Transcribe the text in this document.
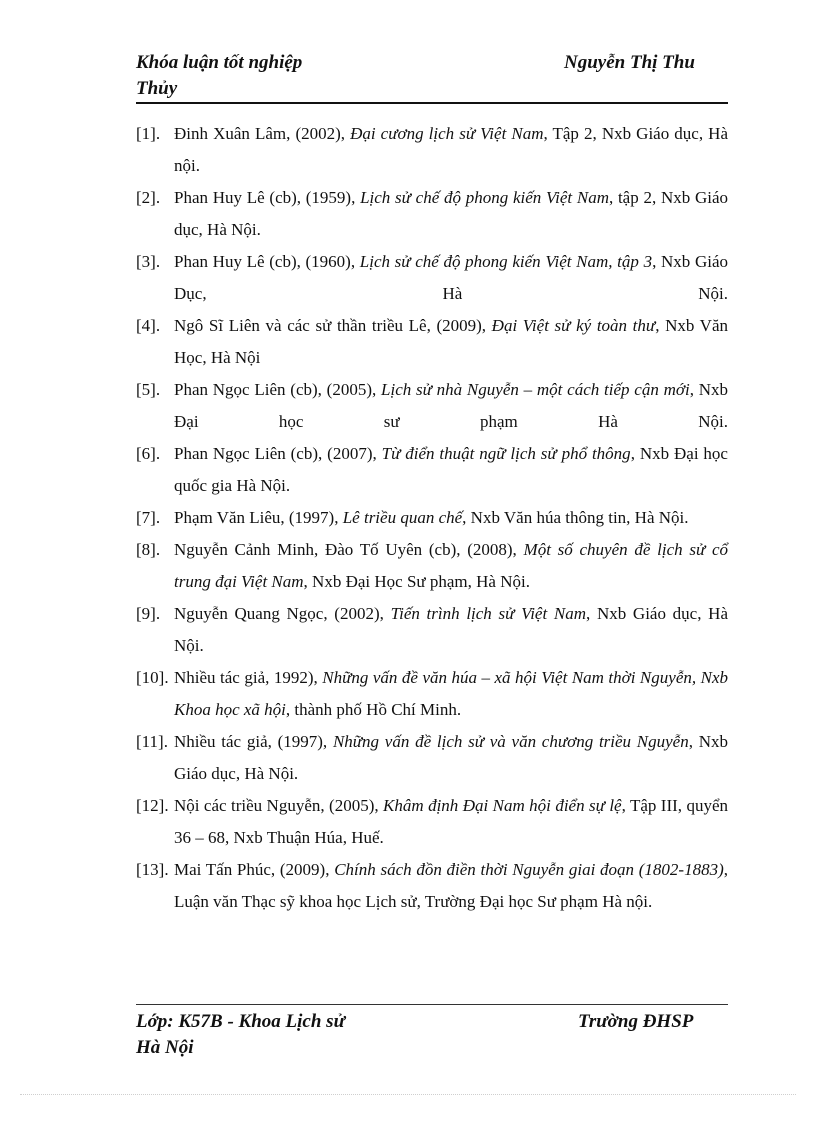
Khóa luận tốt nghiệp
Thủy
Nguyễn Thị Thu
[1]. Đinh Xuân Lâm, (2002), Đại cương lịch sử Việt Nam, Tập 2, Nxb Giáo dục, Hà nội.
[2]. Phan Huy Lê (cb), (1959), Lịch sử chế độ phong kiến Việt Nam, tập 2, Nxb Giáo dục, Hà Nội.
[3]. Phan Huy Lê (cb), (1960), Lịch sử chế độ phong kiến Việt Nam, tập 3, Nxb Giáo Dục, Hà Nội.
[4]. Ngô Sĩ Liên và các sử thần triều Lê, (2009), Đại Việt sử ký toàn thư, Nxb Văn Học, Hà Nội
[5]. Phan Ngọc Liên (cb), (2005), Lịch sử nhà Nguyễn – một cách tiếp cận mới, Nxb Đại học sư phạm Hà Nội.
[6]. Phan Ngọc Liên (cb), (2007), Từ điển thuật ngữ lịch sử phổ thông, Nxb Đại học quốc gia Hà Nội.
[7]. Phạm Văn Liêu, (1997), Lê triều quan chế, Nxb Văn húa thông tin, Hà Nội.
[8]. Nguyễn Cảnh Minh, Đào Tố Uyên (cb), (2008), Một số chuyên đề lịch sử cổ trung đại Việt Nam, Nxb Đại Học Sư phạm, Hà Nội.
[9]. Nguyễn Quang Ngọc, (2002), Tiến trình lịch sử Việt Nam, Nxb Giáo dục, Hà Nội.
[10]. Nhiều tác giả, 1992), Những vấn đề văn húa – xã hội Việt Nam thời Nguyễn, Nxb Khoa học xã hội, thành phố Hồ Chí Minh.
[11]. Nhiều tác giả, (1997), Những vấn đề lịch sử và văn chương triều Nguyễn, Nxb Giáo dục, Hà Nội.
[12]. Nội các triều Nguyễn, (2005), Khâm định Đại Nam hội điển sự lệ, Tập III, quyển 36 – 68, Nxb Thuận Húa, Huế.
[13]. Mai Tấn Phúc, (2009), Chính sách đồn điền thời Nguyễn giai đoạn (1802-1883), Luận văn Thạc sỹ khoa học Lịch sử, Trường Đại học Sư phạm Hà nội.
Lớp: K57B - Khoa Lịch sử
Hà Nội
Trường ĐHSP
